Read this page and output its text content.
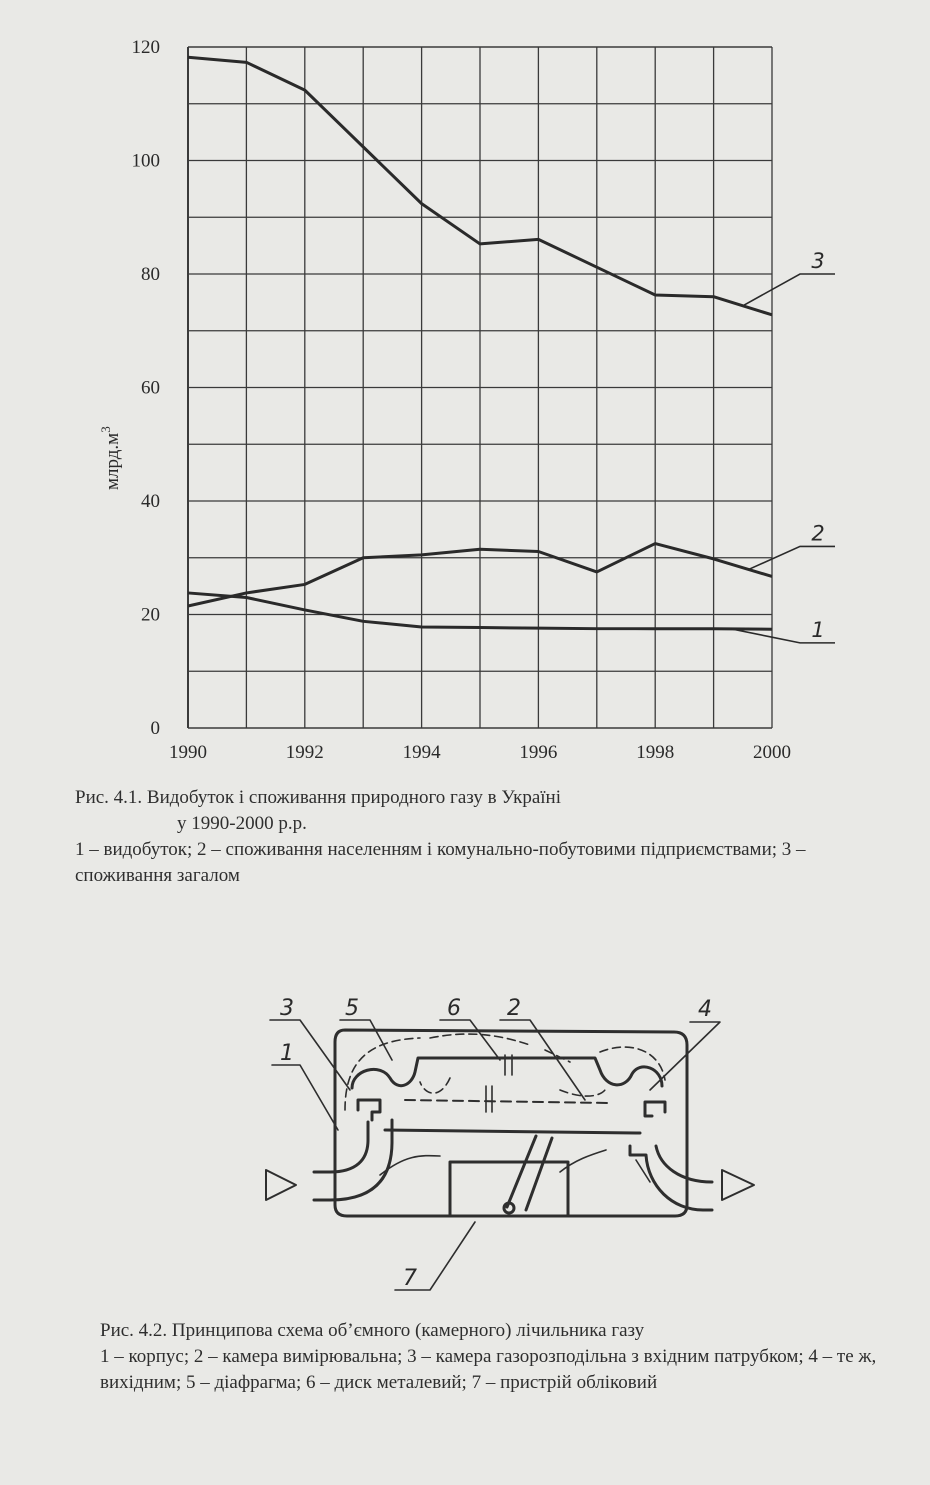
0
20
40
60
80
100
120
1990	1992	1994	1996	1998	2000
1
2
3
$млрд.м^3$
Рис. 4.1. Видобуток і споживання природного газу в Україні
у 1990-2000 р.р.
1 – видобуток; 2 – споживання населенням і комунально-побутовими підприємствами; 3 – споживання загалом
3 5	6 2	4
1
7
Рис. 4.2. Принципова схема об’ємного (камерного) лічильника газу
1 – корпус; 2 – камера вимірювальна; 3 – камера газорозподільна з вхідним патрубком; 4 – те ж, вихідним; 5 – діафрагма; 6 – диск металевий; 7 – пристрій обліковий
